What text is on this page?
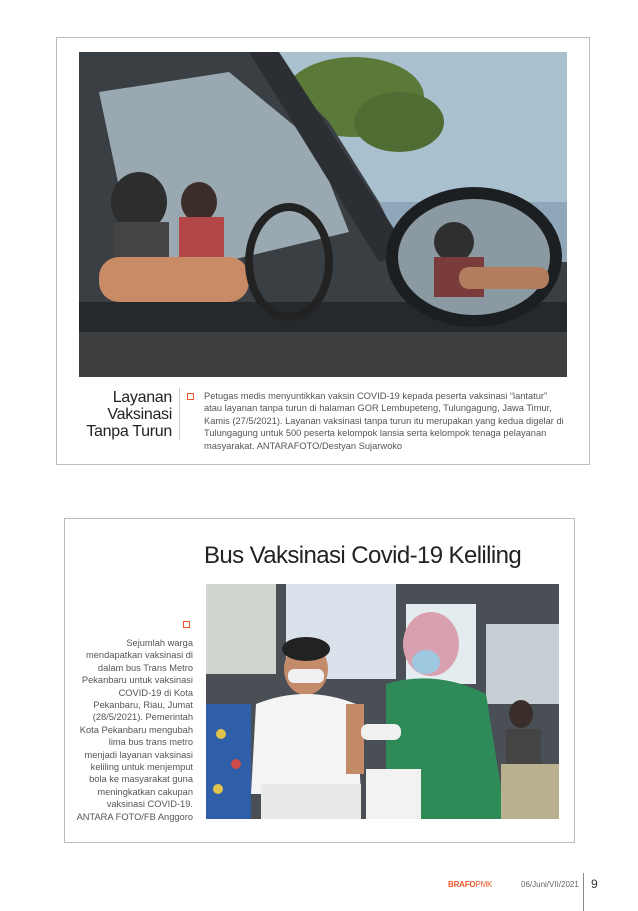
Layanan Vaksinasi Tanpa Turun
Petugas medis menyuntikkan vaksin COVID-19 kepada peserta vaksinasi “lantatur” atau layanan tanpa turun di halaman GOR Lembupeteng, Tulungagung, Jawa Timur, Kamis (27/5/2021). Layanan vaksinasi tanpa turun itu merupakan yang kedua digelar di Tulungagung untuk 500 peserta kelompok lansia serta kelompok tenaga pelayanan masyarakat. ANTARAFOTO/Destyan Sujarwoko
Bus Vaksinasi Covid-19 Keliling
Sejumlah warga mendapatkan vaksinasi di dalam bus Trans Metro Pekanbaru untuk vaksinasi COVID-19 di Kota Pekanbaru, Riau, Jumat (28/5/2021). Pemerintah Kota Pekanbaru mengubah lima bus trans metro menjadi layanan vaksinasi keliling untuk menjemput bola ke masyarakat guna meningkatkan cakupan vaksinasi COVID-19. ANTARA FOTO/FB Anggoro
BRAFOPMK	06/Juni/VII/2021 9
